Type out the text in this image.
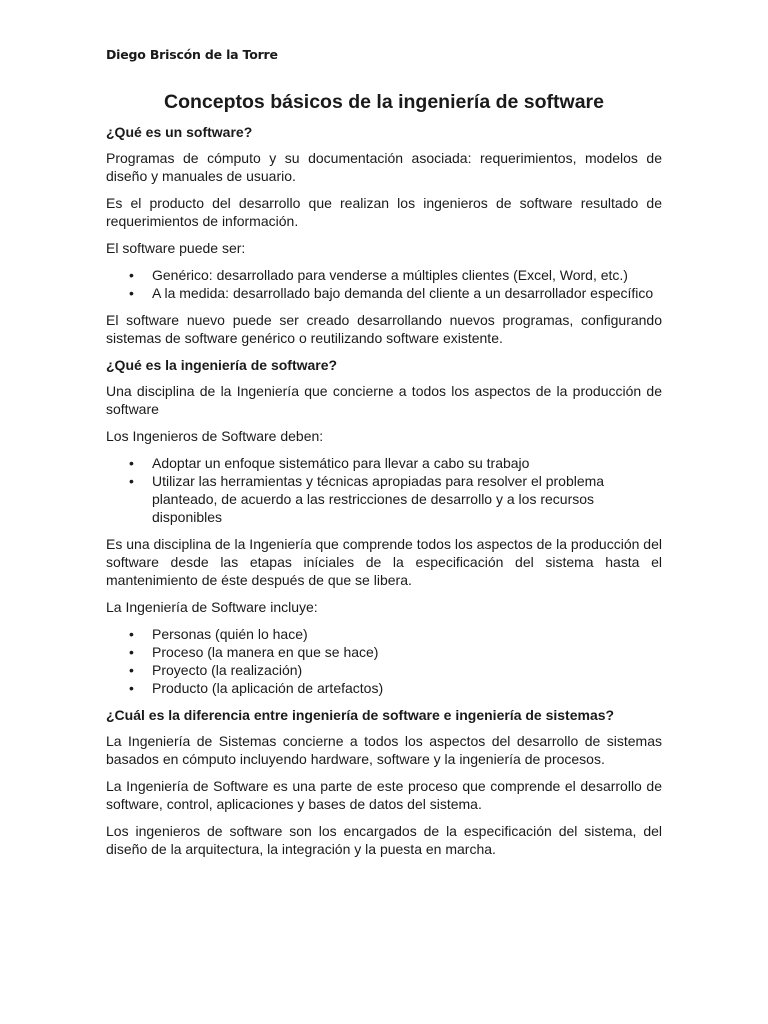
Diego Briscón de la Torre
Conceptos básicos de la ingeniería de software
¿Qué es un software?

Programas de cómputo y su documentación asociada: requerimientos, modelos de diseño y manuales de usuario.

Es el producto del desarrollo que realizan los ingenieros de software resultado de requerimientos de información.

El software puede ser:

• Genérico: desarrollado para venderse a múltiples clientes (Excel, Word, etc.)
• A la medida: desarrollado bajo demanda del cliente a un desarrollador específico

El software nuevo puede ser creado desarrollando nuevos programas, configurando sistemas de software genérico o reutilizando software existente.

¿Qué es la ingeniería de software?

Una disciplina de la Ingeniería que concierne a todos los aspectos de la producción de software

Los Ingenieros de Software deben:

• Adoptar un enfoque sistemático para llevar a cabo su trabajo
• Utilizar las herramientas y técnicas apropiadas para resolver el problema planteado, de acuerdo a las restricciones de desarrollo y a los recursos disponibles

Es una disciplina de la Ingeniería que comprende todos los aspectos de la producción del software desde las etapas iníciales de la especificación del sistema hasta el mantenimiento de éste después de que se libera.

La Ingeniería de Software incluye:

• Personas (quién lo hace)
• Proceso (la manera en que se hace)
• Proyecto (la realización)
• Producto (la aplicación de artefactos)
¿Cuál es la diferencia entre ingeniería de software e ingeniería de sistemas?

La Ingeniería de Sistemas concierne a todos los aspectos del desarrollo de sistemas basados en cómputo incluyendo hardware, software y la ingeniería de procesos.

La Ingeniería de Software es una parte de este proceso que comprende el desarrollo de software, control, aplicaciones y bases de datos del sistema.

Los ingenieros de software son los encargados de la especificación del sistema, del diseño de la arquitectura, la integración y la puesta en marcha.
